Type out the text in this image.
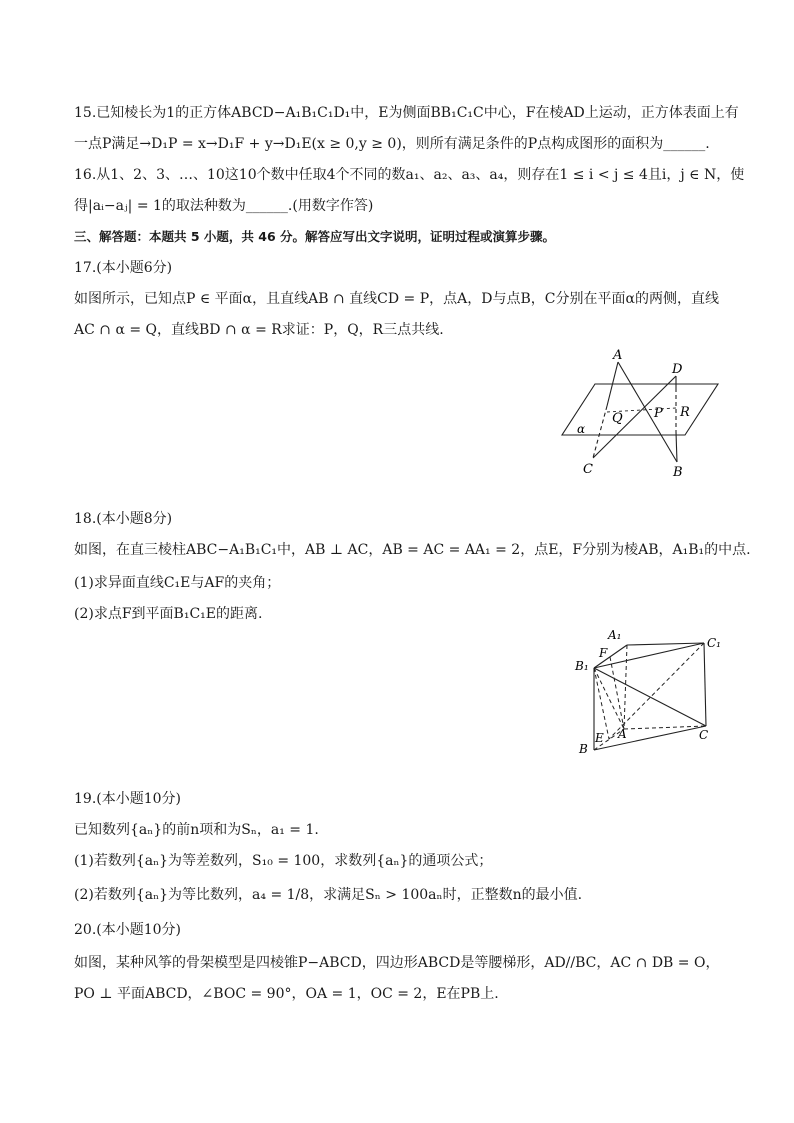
15.已知棱长为1的正方体ABCD−A₁B₁C₁D₁中，E为侧面BB₁C₁C中心，F在棱AD上运动，正方体表面上有
一点P满足→D₁P = x→D₁F + y→D₁E(x ≥ 0,y ≥ 0)，则所有满足条件的P点构成图形的面积为______.
16.从1、2、3、…、10这10个数中任取4个不同的数a₁、a₂、a₃、a₄，则存在1 ≤ i < j ≤ 4且i，j ∈ N，使
得|aᵢ−aⱼ| = 1的取法种数为______.(用数字作答)
三、解答题：本题共 5 小题，共 46 分。解答应写出文字说明，证明过程或演算步骤。
17.(本小题6分)
如图所示，已知点P ∈ 平面α，且直线AB ∩ 直线CD = P，点A，D与点B，C分别在平面α的两侧，直线
AC ∩ α = Q，直线BD ∩ α = R求证：P，Q，R三点共线.
A
D
Q P R
α
C	B
18.(本小题8分)
如图，在直三棱柱ABC−A₁B₁C₁中，AB ⊥ AC，AB = AC = AA₁ = 2，点E，F分别为棱AB，A₁B₁的中点.
(1)求异面直线C₁E与AF的夹角；
(2)求点F到平面B₁C₁E的距离.
A₁
C₁
F
B₁
A
E	C
B
19.(本小题10分)
已知数列{aₙ}的前n项和为Sₙ，a₁ = 1.
(1)若数列{aₙ}为等差数列，S₁₀ = 100，求数列{aₙ}的通项公式；
(2)若数列{aₙ}为等比数列，a₄ = 1/8，求满足Sₙ > 100aₙ时，正整数n的最小值.
20.(本小题10分)
如图，某种风筝的骨架模型是四棱锥P−ABCD，四边形ABCD是等腰梯形，AD//BC，AC ∩ DB = O，
PO ⊥ 平面ABCD，∠BOC = 90°，OA = 1，OC = 2，E在PB上.
